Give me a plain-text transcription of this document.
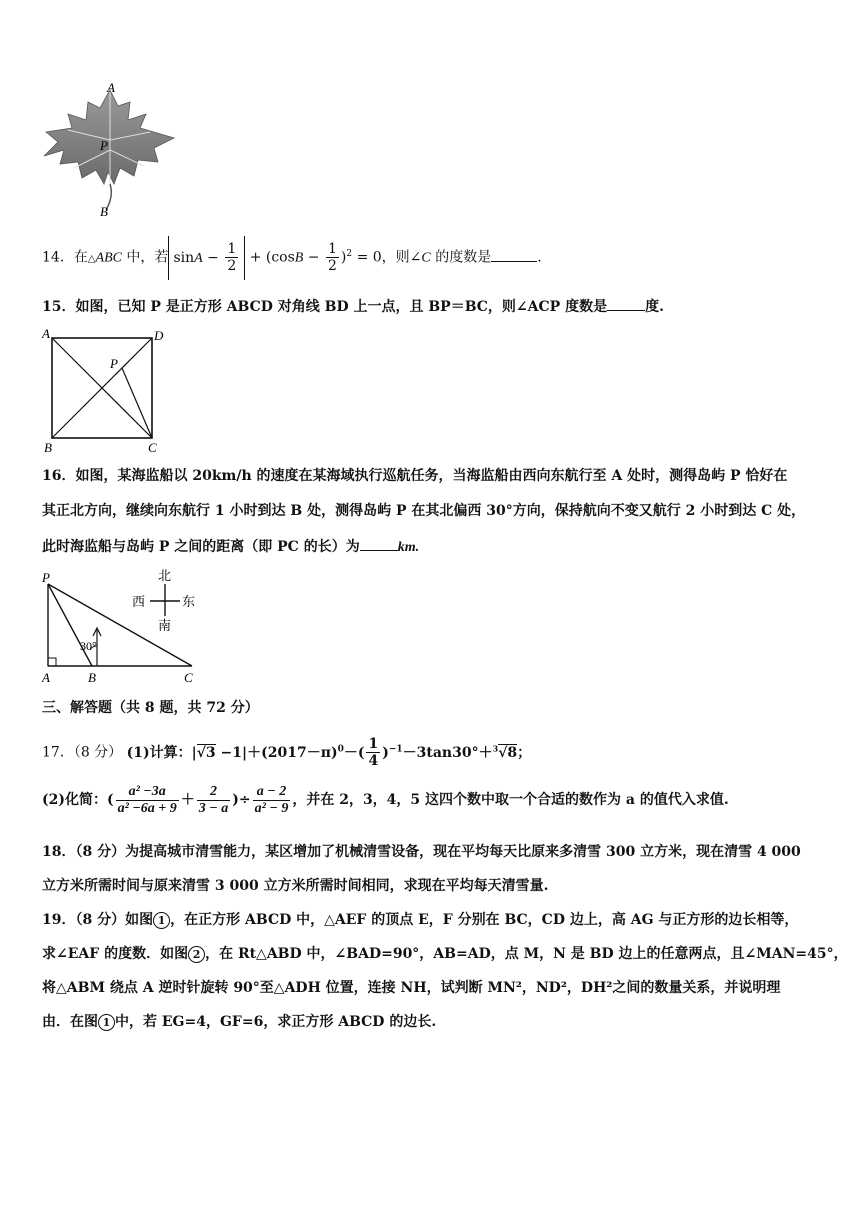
A
P
B
14．在△ABC 中，若 $\sin A - \frac{1}{2} + (\cos B - \frac{1}{2} )^2 = 0$，则∠C 的度数是	.
15．如图，已知 P 是正方形 ABCD 对角线 BD 上一点，且 BP＝BC，则∠ACP 度数是	度.
A	D
B	C
P
16．如图，某海监船以 20km/h 的速度在某海域执行巡航任务，当海监船由西向东航行至 A 处时，测得岛屿 P 恰好在
其正北方向，继续向东航行 1 小时到达 B 处，测得岛屿 P 在其北偏西 30°方向，保持航向不变又航行 2 小时到达 C 处，
此时海监船与岛屿 P 之间的距离（即 PC 的长）为	km.
P
A	B	C
30°
北
南
西	东
三、解答题（共 8 题，共 72 分）
17．（8 分） (1)计算：$|√3 -1|+(2017-\pi)^0-( \frac{1}{4} )^{-1}-3\tan 30^\circ+^3√8$；
(2)化简：( $\frac{\text{a² −3a}}{\text{a² −6a + 9}} + \frac{2}{3 - a}$ )÷ $\frac{a - 2}{\text{a² − 9}}$ ，并在 2，3，4，5 这四个数中取一个合适的数作为 a 的值代入求值.
18．（8 分）为提高城市清雪能力，某区增加了机械清雪设备，现在平均每天比原来多清雪 300 立方米，现在清雪 4 000
立方米所需时间与原来清雪 3 000 立方米所需时间相同，求现在平均每天清雪量.
19．（8 分）如图 1 ，在正方形 ABCD 中，△AEF 的顶点 E，F 分别在 BC，CD 边上，高 AG 与正方形的边长相等，
求∠EAF 的度数．如图 2 ，在 Rt△ABD 中，∠BAD=90°，AB=AD，点 M，N 是 BD 边上的任意两点，且∠MAN=45°，
将△ABM 绕点 A 逆时针旋转 90°至△ADH 位置，连接 NH，试判断 MN²，ND²，DH²之间的数量关系，并说明理
由．在图 1 中，若 EG=4，GF=6，求正方形 ABCD 的边长.
